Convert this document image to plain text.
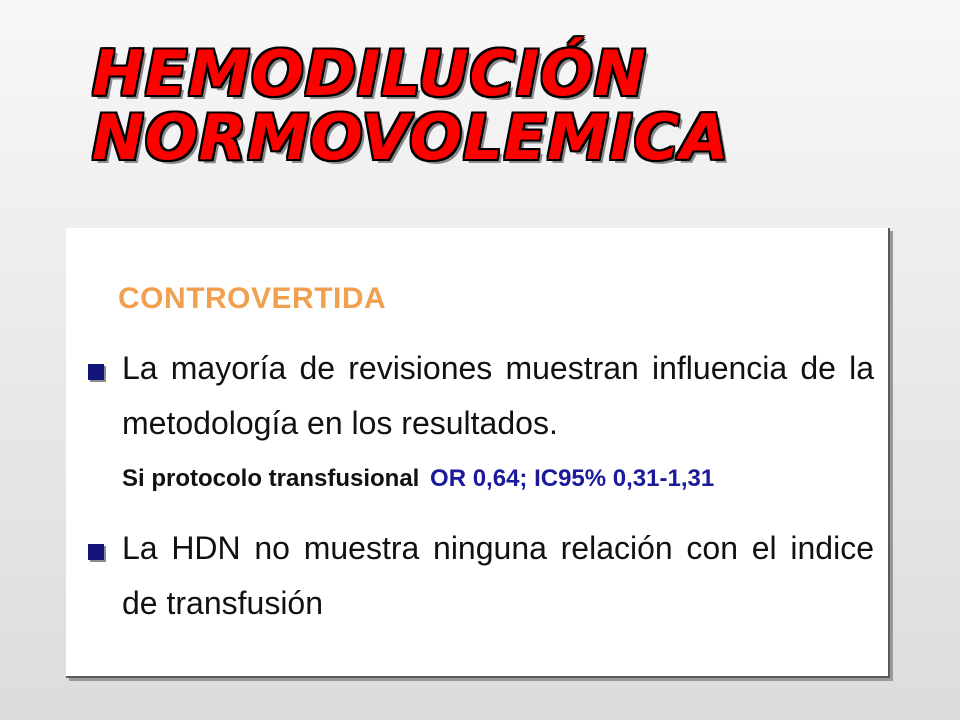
HEMODILUCIÓN
NORMOVOLEMICA

CONTROVERTIDA

La mayoría de revisiones muestran influencia de la metodología en los resultados.

Si protocolo transfusional OR 0,64; IC95% 0,31-1,31

La HDN no muestra ninguna relación con el indice de transfusión
